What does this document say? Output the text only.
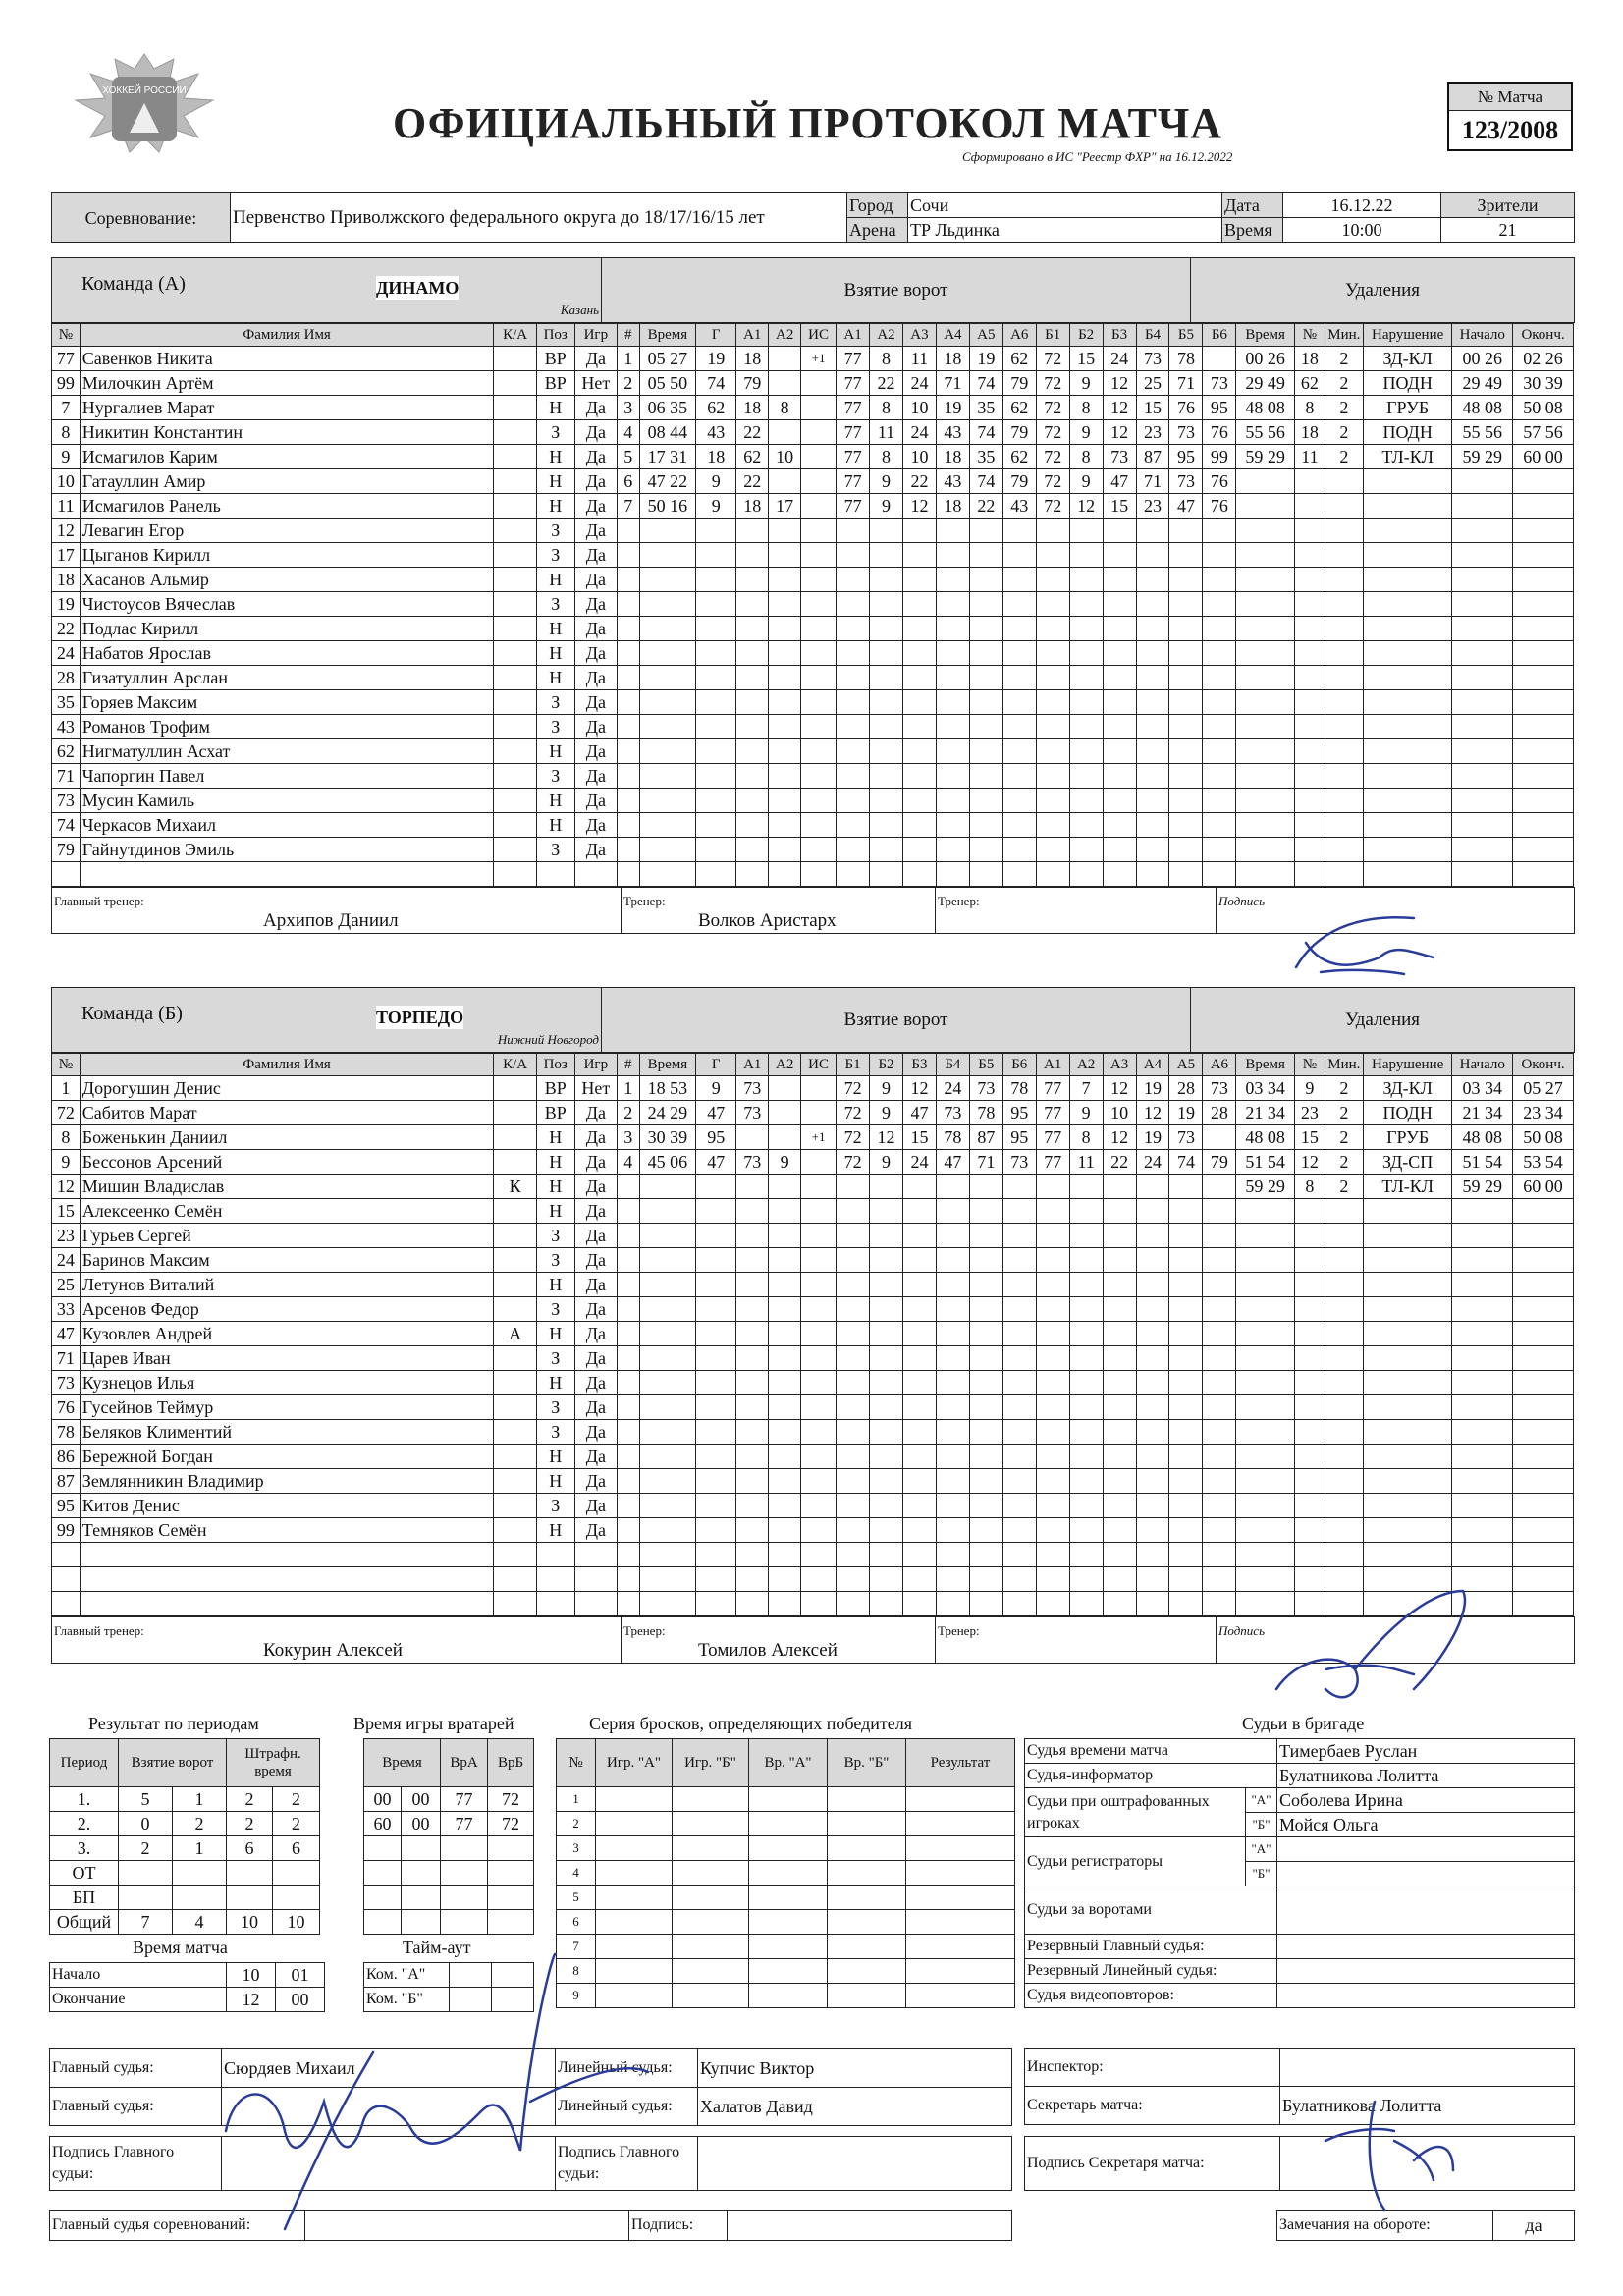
ХОККЕЙ РОССИИ
ОФИЦИАЛЬНЫЙ ПРОТОКОЛ МАТЧА
Сформировано в ИС "Реестр ФХР" на 16.12.2022
№ Матча
123/2008
Соревнование:	Первенство Приволжского федерального округа до 18/17/16/15 лет	Город	Сочи	Дата	16.12.22	Зрители
		Арена	ТР Льдинка	Время	10:00	21
Команда (А)	ДИНАМО
Казань
	Взятие ворот	Удаления
№	Фамилия Имя	К/А	Поз	Игр	#	Время	Г	А1	А2	ИС	А1	А2	А3	А4	А5	А6	Б1	Б2	Б3	Б4	Б5	Б6	Время	№	Мин.	Нарушение	Начало	Оконч.
77	Савенков Никита		ВР	Да	1	05 27	19	18		+1	77	8	11	18	19	62	72	15	24	73	78		00 26	18	2	ЗД-КЛ	00 26	02 26
99	Милочкин Артём		ВР	Нет	2	05 50	74	79			77	22	24	71	74	79	72	9	12	25	71	73	29 49	62	2	ПОДН	29 49	30 39
7	Нургалиев Марат		Н	Да	3	06 35	62	18	8		77	8	10	19	35	62	72	8	12	15	76	95	48 08	8	2	ГРУБ	48 08	50 08
8	Никитин Константин		З	Да	4	08 44	43	22			77	11	24	43	74	79	72	9	12	23	73	76	55 56	18	2	ПОДН	55 56	57 56
9	Исмагилов Карим		Н	Да	5	17 31	18	62	10		77	8	10	18	35	62	72	8	73	87	95	99	59 29	11	2	ТЛ-КЛ	59 29	60 00
10	Гатауллин Амир		Н	Да	6	47 22	9	22			77	9	22	43	74	79	72	9	47	71	73	76						
11	Исмагилов Ранель		Н	Да	7	50 16	9	18	17		77	9	12	18	22	43	72	12	15	23	47	76						
12	Левагин Егор		З	Да																								
17	Цыганов Кирилл		З	Да																								
18	Хасанов Альмир		Н	Да																								
19	Чистоусов Вячеслав		З	Да																								
22	Подлас Кирилл		Н	Да																								
24	Набатов Ярослав		Н	Да																								
28	Гизатуллин Арслан		Н	Да																								
35	Горяев Максим		З	Да																								
43	Романов Трофим		З	Да																								
62	Нигматуллин Асхат		Н	Да																								
71	Чапоргин Павел		З	Да																								
73	Мусин Камиль		Н	Да																								
74	Черкасов Михаил		Н	Да																								
79	Гайнутдинов Эмиль		З	Да																								

Главный тренер:
Архипов Даниил
	Тренер:
Волков Аристарх
	Тренер:	Подпись
Команда (Б)	ТОРПЕДО
Нижний Новгород
	Взятие ворот	Удаления
№	Фамилия Имя	К/А	Поз	Игр	#	Время	Г	А1	А2	ИС	Б1	Б2	Б3	Б4	Б5	Б6	А1	А2	А3	А4	А5	А6	Время	№	Мин.	Нарушение	Начало	Оконч.
1	Дорогушин Денис		ВР	Нет	1	18 53	9	73			72	9	12	24	73	78	77	7	12	19	28	73	03 34	9	2	ЗД-КЛ	03 34	05 27
72	Сабитов Марат		ВР	Да	2	24 29	47	73			72	9	47	73	78	95	77	9	10	12	19	28	21 34	23	2	ПОДН	21 34	23 34
8	Боженькин Даниил		Н	Да	3	30 39	95			+1	72	12	15	78	87	95	77	8	12	19	73		48 08	15	2	ГРУБ	48 08	50 08
9	Бессонов Арсений		Н	Да	4	45 06	47	73	9		72	9	24	47	71	73	77	11	22	24	74	79	51 54	12	2	ЗД-СП	51 54	53 54
12	Мишин Владислав	К	Н	Да																			59 29	8	2	ТЛ-КЛ	59 29	60 00
15	Алексеенко Семён		Н	Да																								
23	Гурьев Сергей		З	Да																								
24	Баринов Максим		З	Да																								
25	Летунов Виталий		Н	Да																								
33	Арсенов Федор		З	Да																								
47	Кузовлев Андрей	А	Н	Да																								
71	Царев Иван		З	Да																								
73	Кузнецов Илья		Н	Да																								
76	Гусейнов Теймур		З	Да																								
78	Беляков Климентий		З	Да																								
86	Бережной Богдан		Н	Да																								
87	Землянникин Владимир		Н	Да																								
95	Китов Денис		З	Да																								
99	Темняков Семён		Н	Да																								

Главный тренер:
Кокурин Алексей
	Тренер:
Томилов Алексей
	Тренер:	Подпись
Результат по периодам
Период	Взятие ворот		Штрафн. время	
1.	5	1	2	2
2.	0	2	2	2
3.	2	1	6	6
ОТ				
БП				
Общий	7	4	10	10
Время игры вратарей
Время		ВрА	ВрБ
00	00	77	72
60	00	77	72

Серия бросков, определяющих победителя
№	Игр. "А"	Игр. "Б"	Вр. "А"	Вр. "Б"	Результат
1					
2					
3					
4					
5					
6					
7					
8					
9					
Время матча
Начало	10	01
Окончание	12	00
Тайм-аут
Ком. "А"		
Ком. "Б"		
Судьи в бригаде
Судья времени матча		Тимербаев Руслан
Судья-информатор		Булатникова Лолитта
Судьи при оштрафованных игроках	"А"	Соболева Ирина
	"Б"	Мойся Ольга
Судьи регистраторы	"А"	
	"Б"	
Судьи за воротами		
Резервный Главный судья:		
Резервный Линейный судья:		
Судья видеоповторов:		
Главный судья:	Сюрдяев Михаил	Линейный судья:	Купчис Виктор
Главный судья:		Линейный судья:	Халатов Давид
Инспектор:	
Секретарь матча:	Булатникова Лолитта
Подпись Главного судьи:		Подпись Главного судьи:	
Подпись Секретаря матча:	
Главный судья соревнований:		Подпись:		Замечания на обороте:	да
